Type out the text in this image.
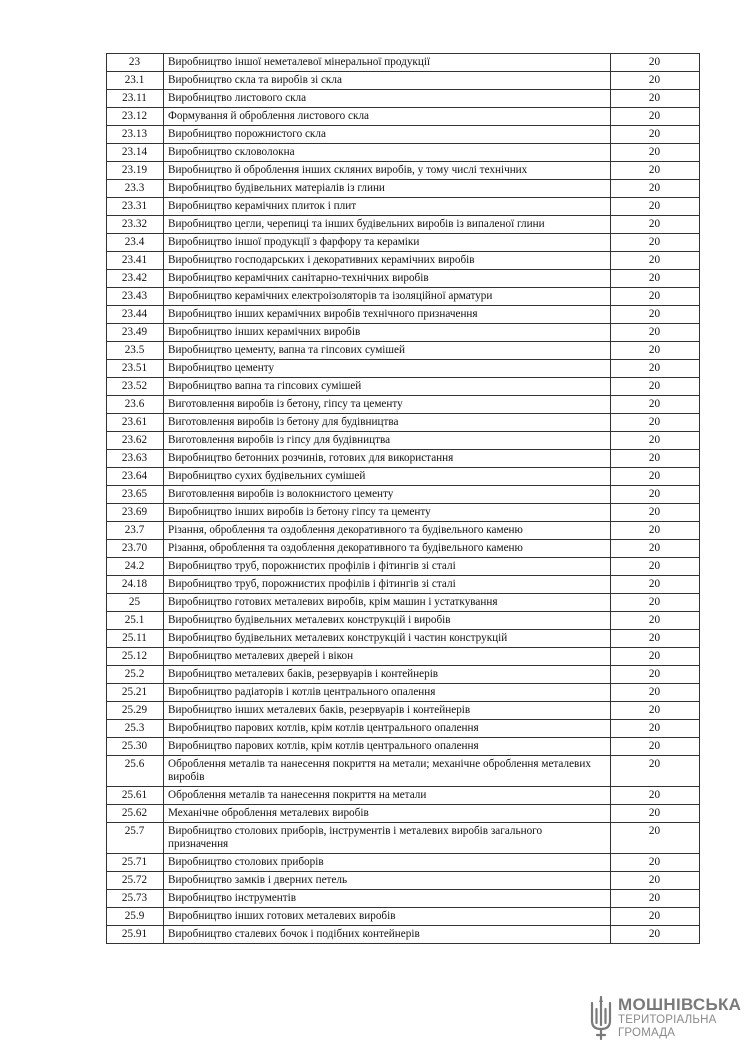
23	Виробництво іншої неметалевої мінеральної продукції	20
23.1	Виробництво скла та виробів зі скла	20
23.11	Виробництво листового скла	20
23.12	Формування й оброблення листового скла	20
23.13	Виробництво порожнистого скла	20
23.14	Виробництво скловолокна	20
23.19	Виробництво й оброблення інших скляних виробів, у тому числі технічних	20
23.3	Виробництво будівельних матеріалів із глини	20
23.31	Виробництво керамічних плиток і плит	20
23.32	Виробництво цегли, черепиці та інших будівельних виробів із випаленої глини	20
23.4	Виробництво іншої продукції з фарфору та кераміки	20
23.41	Виробництво господарських і декоративних керамічних виробів	20
23.42	Виробництво керамічних санітарно-технічних виробів	20
23.43	Виробництво керамічних електроізоляторів та ізоляційної арматури	20
23.44	Виробництво інших керамічних виробів технічного призначення	20
23.49	Виробництво інших керамічних виробів	20
23.5	Виробництво цементу, вапна та гіпсових сумішей	20
23.51	Виробництво цементу	20
23.52	Виробництво вапна та гіпсових сумішей	20
23.6	Виготовлення виробів із бетону, гіпсу та цементу	20
23.61	Виготовлення виробів із бетону для будівництва	20
23.62	Виготовлення виробів із гіпсу для будівництва	20
23.63	Виробництво бетонних розчинів, готових для використання	20
23.64	Виробництво сухих будівельних сумішей	20
23.65	Виготовлення виробів із волокнистого цементу	20
23.69	Виробництво інших виробів із бетону гіпсу та цементу	20
23.7	Різання, оброблення та оздоблення декоративного та будівельного каменю	20
23.70	Різання, оброблення та оздоблення декоративного та будівельного каменю	20
24.2	Виробництво труб, порожнистих профілів і фітингів зі сталі	20
24.18	Виробництво труб, порожнистих профілів і фітингів зі сталі	20
25	Виробництво готових металевих виробів, крім машин і устаткування	20
25.1	Виробництво будівельних металевих конструкцій і виробів	20
25.11	Виробництво будівельних металевих конструкцій і частин конструкцій	20
25.12	Виробництво металевих дверей і вікон	20
25.2	Виробництво металевих баків, резервуарів і контейнерів	20
25.21	Виробництво радіаторів і котлів центрального опалення	20
25.29	Виробництво інших металевих баків, резервуарів і контейнерів	20
25.3	Виробництво парових котлів, крім котлів центрального опалення	20
25.30	Виробництво парових котлів, крім котлів центрального опалення	20
25.6	Оброблення металів та нанесення покриття на метали; механічне оброблення металевих виробів	20
25.61	Оброблення металів та нанесення покриття на метали	20
25.62	Механічне оброблення металевих виробів	20
25.7	Виробництво столових приборів, інструментів і металевих виробів загального призначення	20
25.71	Виробництво столових приборів	20
25.72	Виробництво замків і дверних петель	20
25.73	Виробництво інструментів	20
25.9	Виробництво інших готових металевих виробів	20
25.91	Виробництво сталевих бочок і подібних контейнерів	20
МОШНІВСЬКА
ТЕРИТОРІАЛЬНА
ГРОМАДА
